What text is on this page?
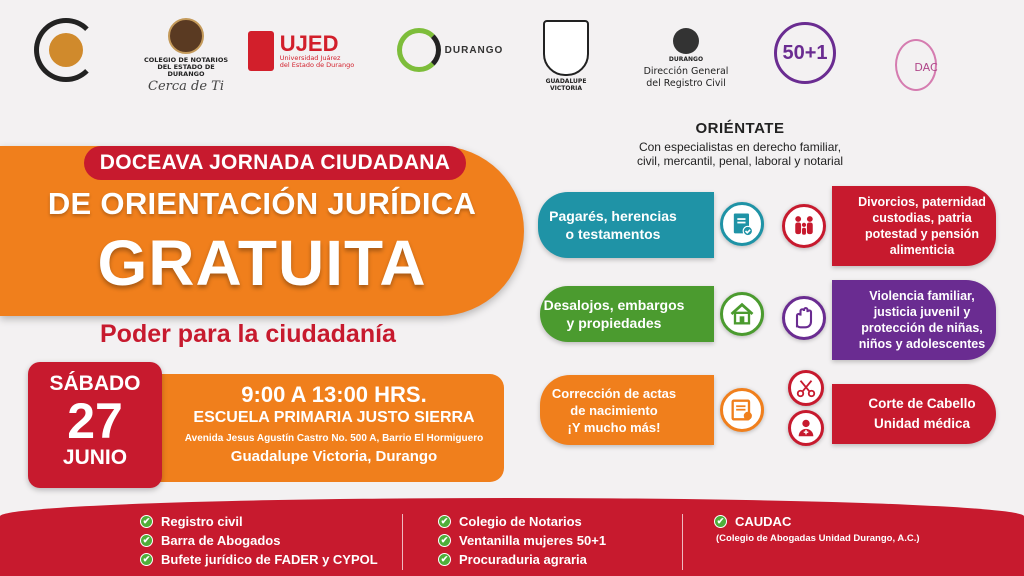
COLEGIO DE NOTARIOS
DEL ESTADO DE DURANGO
Cerca de Ti
UJED
Universidad Juárez
del Estado de Durango
DURANGO
GUADALUPE
VICTORIA
DURANGO
Dirección General
del Registro Civil
50+1
DAC
DOCEAVA JORNADA CIUDADANA
DE ORIENTACIÓN JURÍDICA
GRATUITA
Poder para la ciudadanía
9:00 A 13:00 HRS.
ESCUELA PRIMARIA JUSTO SIERRA
Avenida Jesus Agustín Castro No. 500 A, Barrio El Hormiguero
Guadalupe Victoria, Durango
SÁBADO
27
JUNIO
ORIÉNTATE
Con especialistas en derecho familiar,
civil, mercantil, penal, laboral y notarial
Pagarés, herencias
o testamentos
Desalojos, embargos
y propiedades
Corrección de actas
de nacimiento
¡Y mucho más!
Divorcios, paternidad
custodias, patria
potestad y pensión
alimenticia
Violencia familiar,
justicia juvenil y
protección de niñas,
niños y adolescentes
Corte de Cabello
Unidad médica
✔ Registro civil
✔ Barra de Abogados
✔ Bufete jurídico de FADER y CYPOL
✔ Colegio de Notarios
✔ Ventanilla mujeres 50+1
✔ Procuraduria agraria
✔ CAUDAC
(Colegio de Abogadas Unidad Durango, A.C.)
